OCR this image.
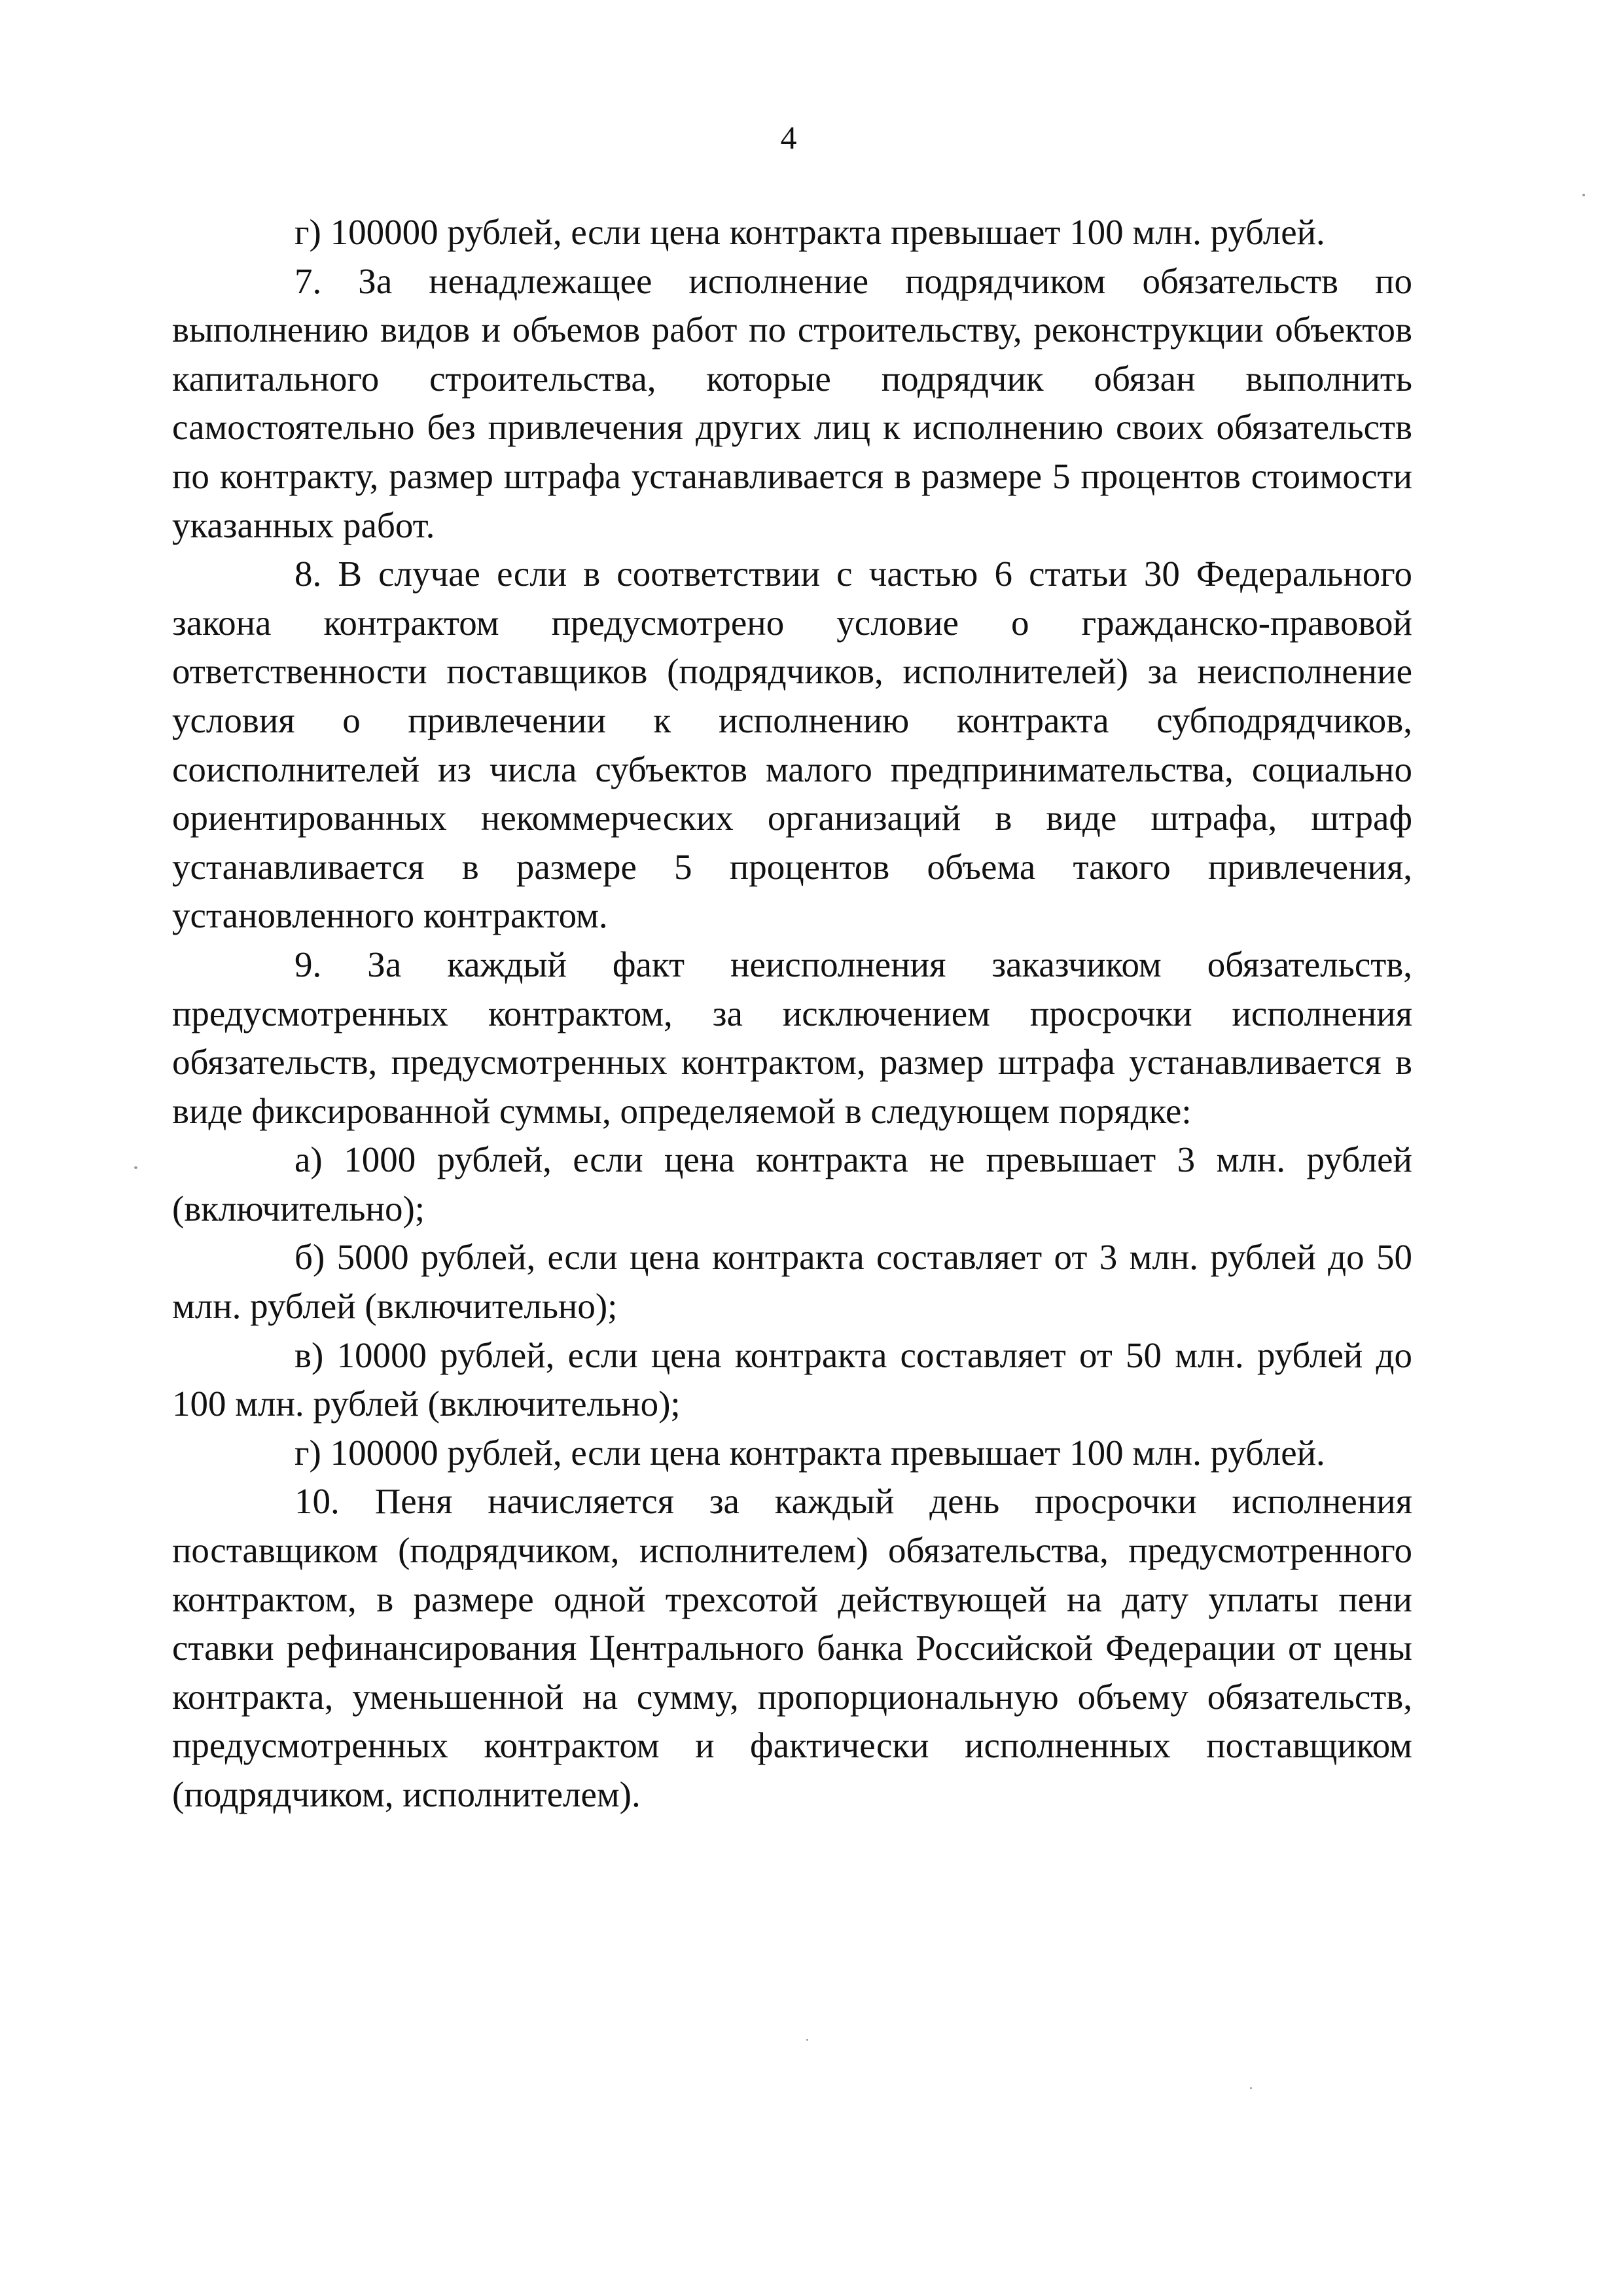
4

г) 100000 рублей, если цена контракта превышает 100 млн. рублей.

7. За ненадлежащее исполнение подрядчиком обязательств по выполнению видов и объемов работ по строительству, реконструкции объектов капитального строительства, которые подрядчик обязан выполнить самостоятельно без привлечения других лиц к исполнению своих обязательств по контракту, размер штрафа устанавливается в размере 5 процентов стоимости указанных работ.

8. В случае если в соответствии с частью 6 статьи 30 Федерального закона контрактом предусмотрено условие о гражданско-правовой ответственности поставщиков (подрядчиков, исполнителей) за неисполнение условия о привлечении к исполнению контракта субподрядчиков, соисполнителей из числа субъектов малого предпринимательства, социально ориентированных некоммерческих организаций в виде штрафа, штраф устанавливается в размере 5 процентов объема такого привлечения, установленного контрактом.

9. За каждый факт неисполнения заказчиком обязательств, предусмотренных контрактом, за исключением просрочки исполнения обязательств, предусмотренных контрактом, размер штрафа устанавливается в виде фиксированной суммы, определяемой в следующем порядке:

а) 1000 рублей, если цена контракта не превышает 3 млн. рублей (включительно);

б) 5000 рублей, если цена контракта составляет от 3 млн. рублей до 50 млн. рублей (включительно);

в) 10000 рублей, если цена контракта составляет от 50 млн. рублей до 100 млн. рублей (включительно);

г) 100000 рублей, если цена контракта превышает 100 млн. рублей.

10. Пеня начисляется за каждый день просрочки исполнения поставщиком (подрядчиком, исполнителем) обязательства, предусмотренного контрактом, в размере одной трехсотой действующей на дату уплаты пени ставки рефинансирования Центрального банка Российской Федерации от цены контракта, уменьшенной на сумму, пропорциональную объему обязательств, предусмотренных контрактом и фактически исполненных поставщиком (подрядчиком, исполнителем).
